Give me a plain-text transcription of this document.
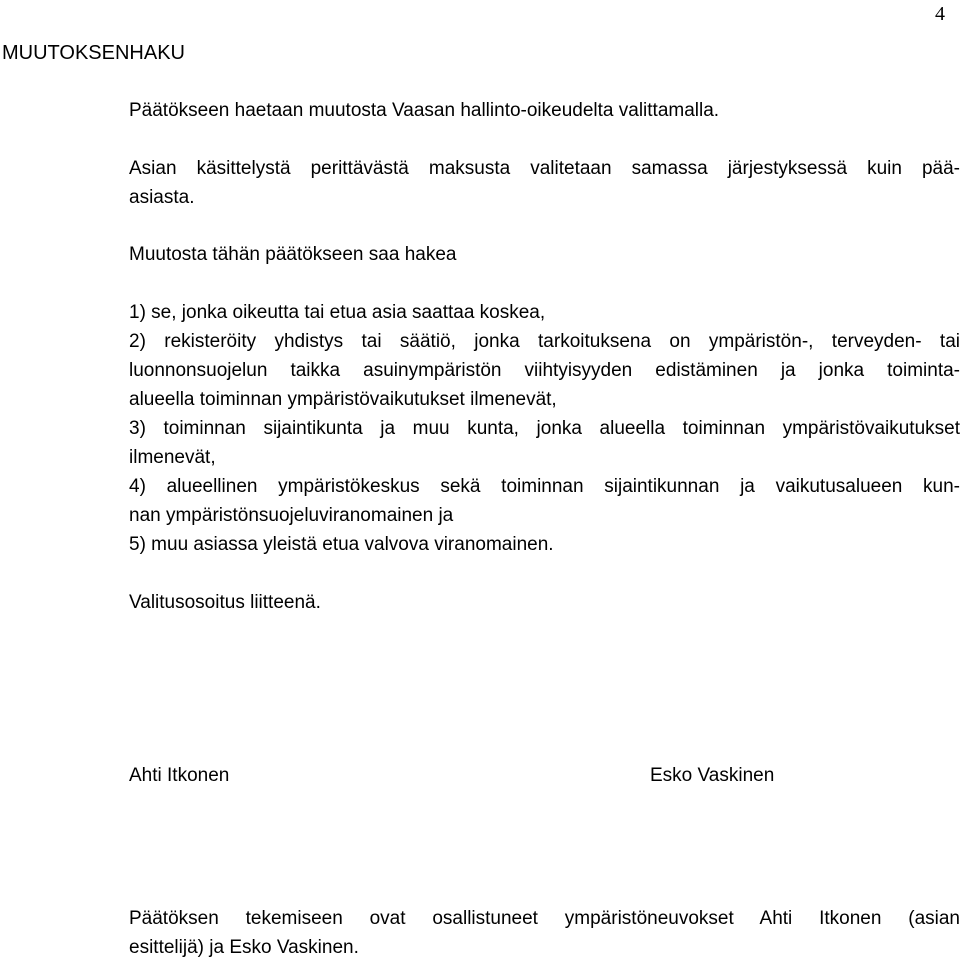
4
MUUTOKSENHAKU
Päätökseen haetaan muutosta Vaasan hallinto-oikeudelta valittamalla.
Asian käsittelystä perittävästä maksusta valitetaan samassa järjestyksessä kuin pää-
asiasta.
Muutosta tähän päätökseen saa hakea
1) se, jonka oikeutta tai etua asia saattaa koskea,
2) rekisteröity yhdistys tai säätiö, jonka tarkoituksena on ympäristön-, terveyden- tai
luonnonsuojelun taikka asuinympäristön viihtyisyyden edistäminen ja jonka toiminta-
alueella toiminnan ympäristövaikutukset ilmenevät,
3) toiminnan sijaintikunta ja muu kunta, jonka alueella toiminnan ympäristövaikutukset
ilmenevät,
4) alueellinen ympäristökeskus sekä toiminnan sijaintikunnan ja vaikutusalueen kun-
nan ympäristönsuojeluviranomainen ja
5) muu asiassa yleistä etua valvova viranomainen.
Valitusosoitus liitteenä.
Ahti Itkonen	Esko Vaskinen
Päätöksen tekemiseen ovat osallistuneet ympäristöneuvokset Ahti Itkonen (asian
esittelijä) ja Esko Vaskinen.
